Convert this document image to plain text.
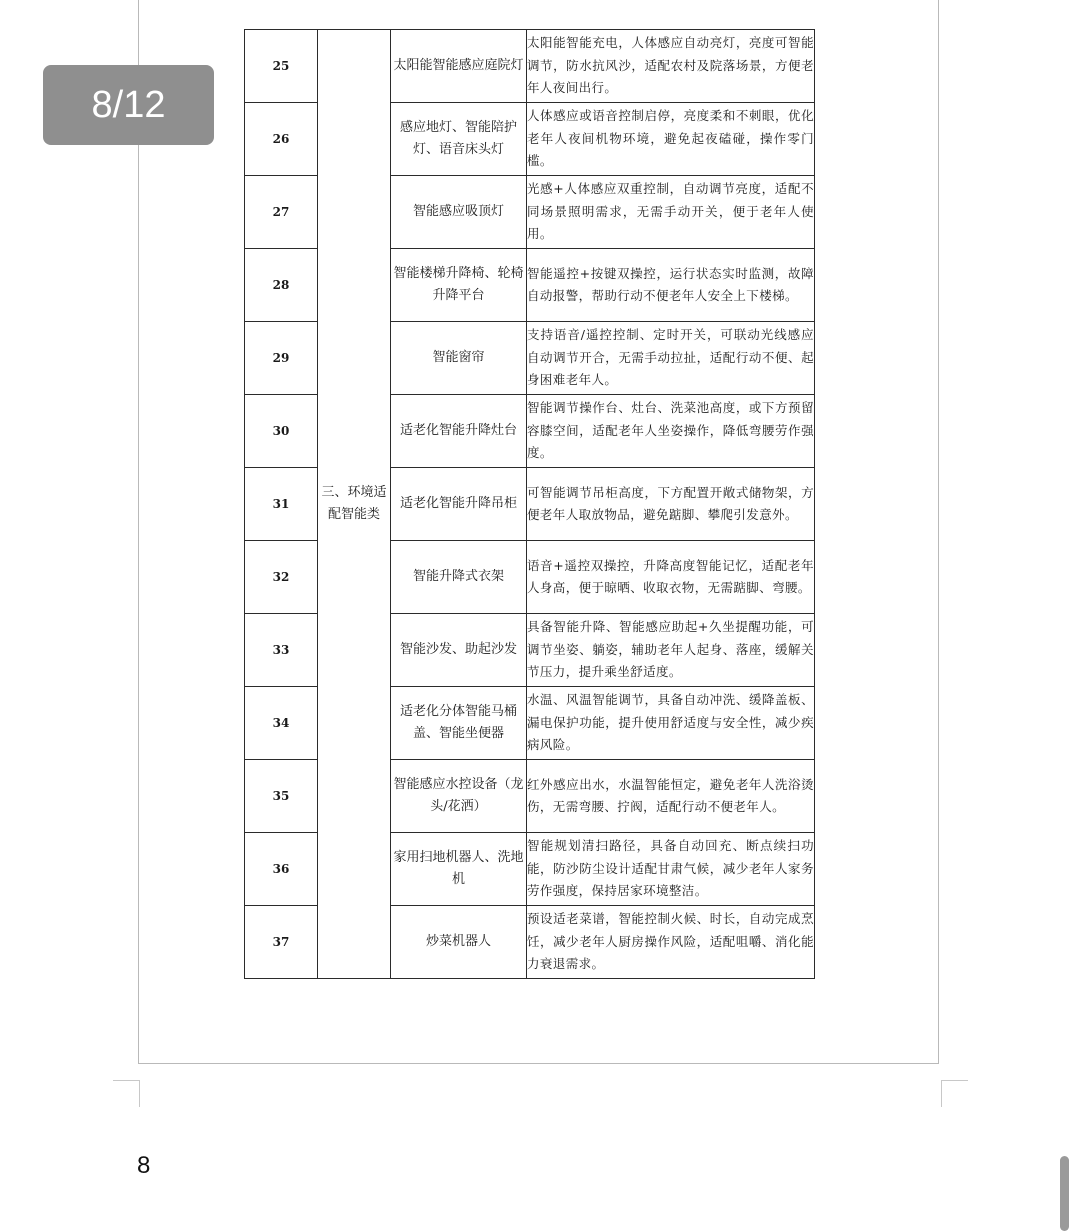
25	三、环境适配智能类	太阳能智能感应庭院灯	太阳能智能充电，人体感应自动亮灯，亮度可智能调节，防水抗风沙，适配农村及院落场景，方便老年人夜间出行。
26		感应地灯、智能陪护灯、语音床头灯	人体感应或语音控制启停，亮度柔和不刺眼，优化老年人夜间机物环境，避免起夜磕碰，操作零门槛。
27		智能感应吸顶灯	光感+人体感应双重控制，自动调节亮度，适配不同场景照明需求，无需手动开关，便于老年人使用。
28		智能楼梯升降椅、轮椅升降平台	智能遥控+按键双操控，运行状态实时监测，故障自动报警，帮助行动不便老年人安全上下楼梯。
29		智能窗帘	支持语音/遥控控制、定时开关，可联动光线感应自动调节开合，无需手动拉扯，适配行动不便、起身困难老年人。
30		适老化智能升降灶台	智能调节操作台、灶台、洗菜池高度，或下方预留容膝空间，适配老年人坐姿操作，降低弯腰劳作强度。
31		适老化智能升降吊柜	可智能调节吊柜高度，下方配置开敞式储物架，方便老年人取放物品，避免踮脚、攀爬引发意外。
32		智能升降式衣架	语音+遥控双操控，升降高度智能记忆，适配老年人身高，便于晾晒、收取衣物，无需踮脚、弯腰。
33		智能沙发、助起沙发	具备智能升降、智能感应助起+久坐提醒功能，可调节坐姿、躺姿，辅助老年人起身、落座，缓解关节压力，提升乘坐舒适度。
34		适老化分体智能马桶盖、智能坐便器	水温、风温智能调节，具备自动冲洗、缓降盖板、漏电保护功能，提升使用舒适度与安全性，减少疾病风险。
35		智能感应水控设备（龙头/花洒）	红外感应出水，水温智能恒定，避免老年人洗浴烫伤，无需弯腰、拧阀，适配行动不便老年人。
36		家用扫地机器人、洗地机	智能规划清扫路径，具备自动回充、断点续扫功能，防沙防尘设计适配甘肃气候，减少老年人家务劳作强度，保持居家环境整洁。
37		炒菜机器人	预设适老菜谱，智能控制火候、时长，自动完成烹饪，减少老年人厨房操作风险，适配咀嚼、消化能力衰退需求。
8/12
8
